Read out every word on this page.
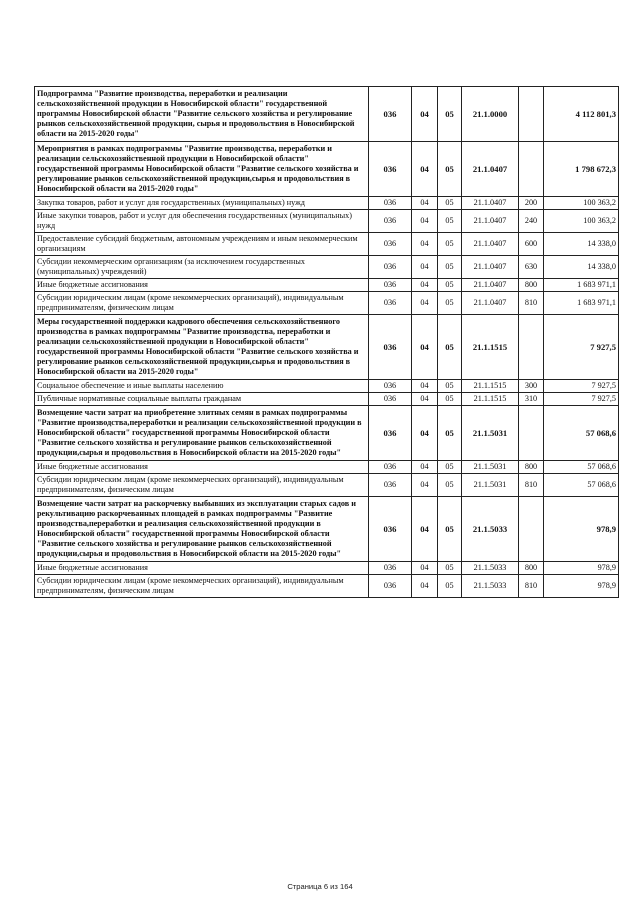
Подпрограмма "Развитие производства, переработки и реализации сельскохозяйственной продукции в Новосибирской области" государственной программы Новосибирской области "Развитие сельского хозяйства и регулирование рынков сельскохозяйственной продукции, сырья и продовольствия в Новосибирской области на 2015-2020 годы"	036	04	05	21.1.0000		4 112 801,3
Мероприятия в рамках подпрограммы "Развитие производства, переработки и реализации сельскохозяйственной продукции в Новосибирской области" государственной программы Новосибирской области "Развитие сельского хозяйства и регулирование рынков сельскохозяйственной продукции,сырья и продовольствия в Новосибирской области на 2015-2020 годы"	036	04	05	21.1.0407		1 798 672,3
Закупка товаров, работ и услуг для государственных (муниципальных) нужд	036	04	05	21.1.0407	200	100 363,2
Иные закупки товаров, работ и услуг для обеспечения государственных (муниципальных) нужд	036	04	05	21.1.0407	240	100 363,2
Предоставление субсидий бюджетным, автономным учреждениям и иным некоммерческим организациям	036	04	05	21.1.0407	600	14 338,0
Субсидии некоммерческим организациям (за исключением государственных (муниципальных) учреждений)	036	04	05	21.1.0407	630	14 338,0
Иные бюджетные ассигнования	036	04	05	21.1.0407	800	1 683 971,1
Субсидии юридическим лицам (кроме некоммерческих организаций), индивидуальным предпринимателям, физическим лицам	036	04	05	21.1.0407	810	1 683 971,1
Меры государственной поддержки кадрового обеспечения сельскохозяйственного производства в рамках подпрограммы "Развитие производства, переработки и реализации сельскохозяйственной продукции в Новосибирской области" государственной программы Новосибирской области "Развитие сельского хозяйства и регулирование рынков сельскохозяйственной продукции,сырья и продовольствия в Новосибирской области на 2015-2020 годы"	036	04	05	21.1.1515		7 927,5
Социальное обеспечение и иные выплаты населению	036	04	05	21.1.1515	300	7 927,5
Публичные нормативные социальные выплаты гражданам	036	04	05	21.1.1515	310	7 927,5
Возмещение части затрат на приобретение элитных семян в рамках подпрограммы "Развитие производства,переработки и реализации сельскохозяйственной продукции в Новосибирской области" государственной программы Новосибирской области "Развитие сельского хозяйства и регулирование рынков сельскохозяйственной продукции,сырья и продовольствия в Новосибирской области на 2015-2020 годы"	036	04	05	21.1.5031		57 068,6
Иные бюджетные ассигнования	036	04	05	21.1.5031	800	57 068,6
Субсидии юридическим лицам (кроме некоммерческих организаций), индивидуальным предпринимателям, физическим лицам	036	04	05	21.1.5031	810	57 068,6
Возмещение части затрат на раскорчевку выбывших из эксплуатации старых садов и рекультивацию раскорчеванных площадей в рамках подпрограммы "Развитие производства,переработки и реализация сельскохозяйственной продукции в Новосибирской области" государственной программы Новосибирской области "Развитие сельского хозяйства и регулирование рынков сельскохозяйственной продукции,сырья и продовольствия в Новосибирской области на 2015-2020 годы"	036	04	05	21.1.5033		978,9
Иные бюджетные ассигнования	036	04	05	21.1.5033	800	978,9
Субсидии юридическим лицам (кроме некоммерческих организаций), индивидуальным предпринимателям, физическим лицам	036	04	05	21.1.5033	810	978,9
Страница 6 из 164
